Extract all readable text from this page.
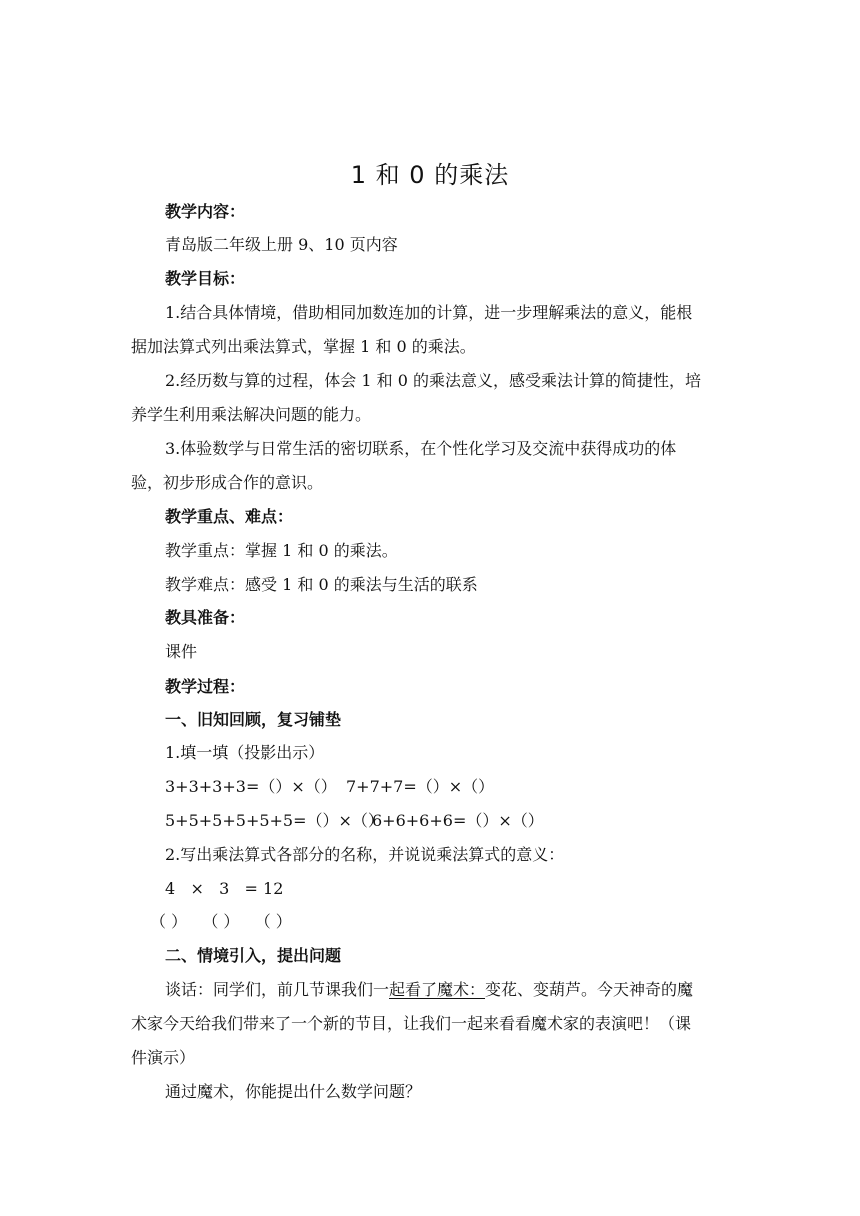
1 和 0 的乘法
教学内容：
青岛版二年级上册 9、10 页内容
教学目标：
1.结合具体情境，借助相同加数连加的计算，进一步理解乘法的意义，能根
据加法算式列出乘法算式，掌握 1 和 0 的乘法。
2.经历数与算的过程，体会 1 和 0 的乘法意义，感受乘法计算的简捷性，培
养学生利用乘法解决问题的能力。
3.体验数学与日常生活的密切联系，在个性化学习及交流中获得成功的体
验，初步形成合作的意识。
教学重点、难点：
教学重点：掌握 1 和 0 的乘法。
教学难点：感受 1 和 0 的乘法与生活的联系
教具准备：
课件
教学过程：
一、旧知回顾，复习铺垫
1.填一填（投影出示）
3+3+3+3=（）×（） 7+7+7=（）×（）
5+5+5+5+5+5=（）×（）
6+6+6+6=（）×（）
2.写出乘法算式各部分的名称，并说说乘法算式的意义：
4   ×   3   = 12
（ ）   （ ）   （ ）
二、情境引入，提出问题
谈话：同学们，前几节课我们一起看了魔术：变花、变葫芦。今天神奇的魔
术家今天给我们带来了一个新的节目，让我们一起来看看魔术家的表演吧！（课
件演示）
通过魔术，你能提出什么数学问题？
